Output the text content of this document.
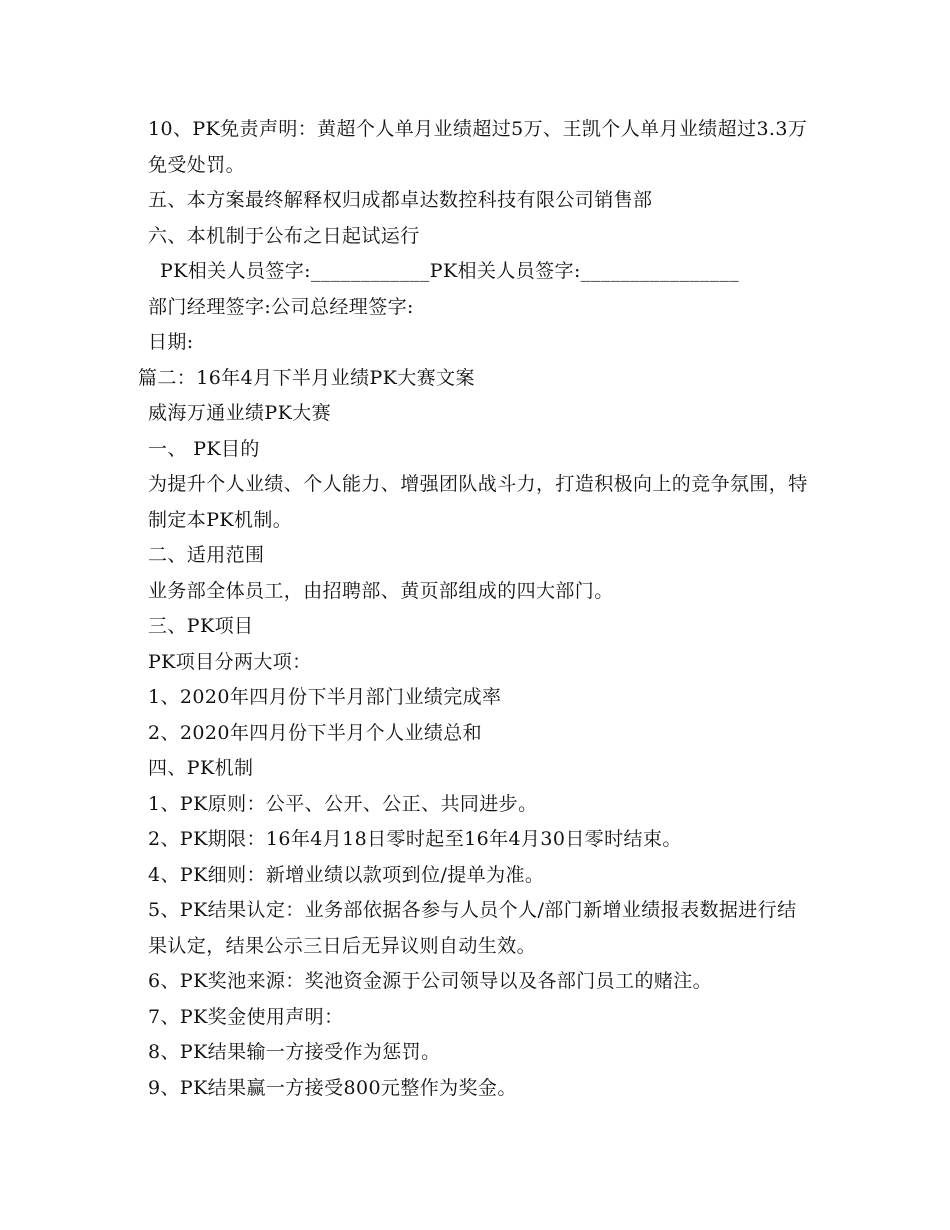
10、PK免责声明：黄超个人单月业绩超过5万、王凯个人单月业绩超过3.3万免受处罚。

五、本方案最终解释权归成都卓达数控科技有限公司销售部

六、本机制于公布之日起试运行

PK相关人员签字:____________PK相关人员签字:________________

部门经理签字:公司总经理签字:

日期:

篇二：16年4月下半月业绩PK大赛文案

威海万通业绩PK大赛

一、 PK目的

为提升个人业绩、个人能力、增强团队战斗力，打造积极向上的竞争氛围，特制定本PK机制。

二、适用范围

业务部全体员工，由招聘部、黄页部组成的四大部门。

三、PK项目

PK项目分两大项：

1、2020年四月份下半月部门业绩完成率

2、2020年四月份下半月个人业绩总和

四、PK机制

1、PK原则：公平、公开、公正、共同进步。

2、PK期限：16年4月18日零时起至16年4月30日零时结束。

4、PK细则：新增业绩以款项到位/提单为准。

5、PK结果认定：业务部依据各参与人员个人/部门新增业绩报表数据进行结果认定，结果公示三日后无异议则自动生效。

6、PK奖池来源：奖池资金源于公司领导以及各部门员工的赌注。

7、PK奖金使用声明：

8、PK结果输一方接受作为惩罚。

9、PK结果赢一方接受800元整作为奖金。
